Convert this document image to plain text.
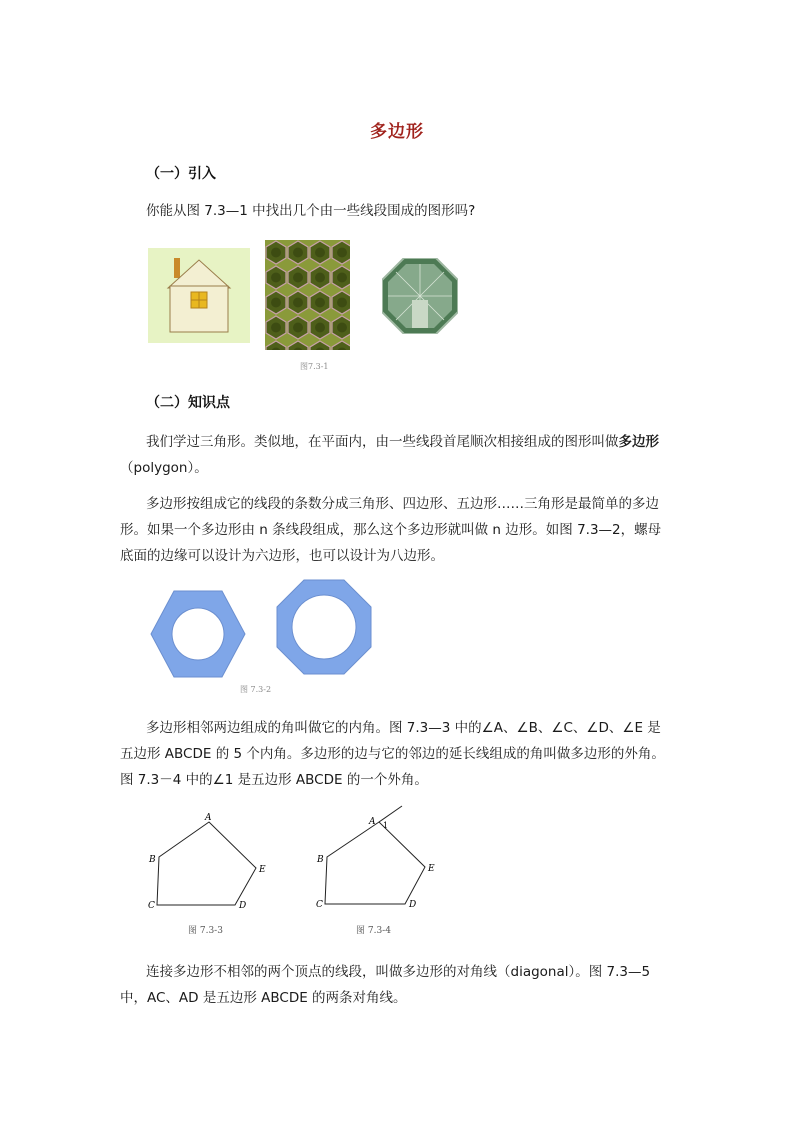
多边形
（一）引入
你能从图 7.3—1 中找出几个由一些线段围成的图形吗?
图7.3-1
（二）知识点
我们学过三角形。类似地，在平面内，由一些线段首尾顺次相接组成的图形叫做多边形
（polygon）。
多边形按组成它的线段的条数分成三角形、四边形、五边形……三角形是最简单的多边
形。如果一个多边形由 n 条线段组成，那么这个多边形就叫做 n 边形。如图 7.3—2，螺母
底面的边缘可以设计为六边形，也可以设计为八边形。
图 7.3-2
多边形相邻两边组成的角叫做它的内角。图 7.3—3 中的∠A、∠B、∠C、∠D、∠E 是
五边形 ABCDE 的 5 个内角。多边形的边与它的邻边的延长线组成的角叫做多边形的外角。
图 7.3－4 中的∠1 是五边形 ABCDE 的一个外角。
A
B
C	D
E
图 7.3-3
A 1
B
C	D
E
图 7.3-4
连接多边形不相邻的两个顶点的线段，叫做多边形的对角线（diagonal）。图 7.3—5
中，AC、AD 是五边形 ABCDE 的两条对角线。
